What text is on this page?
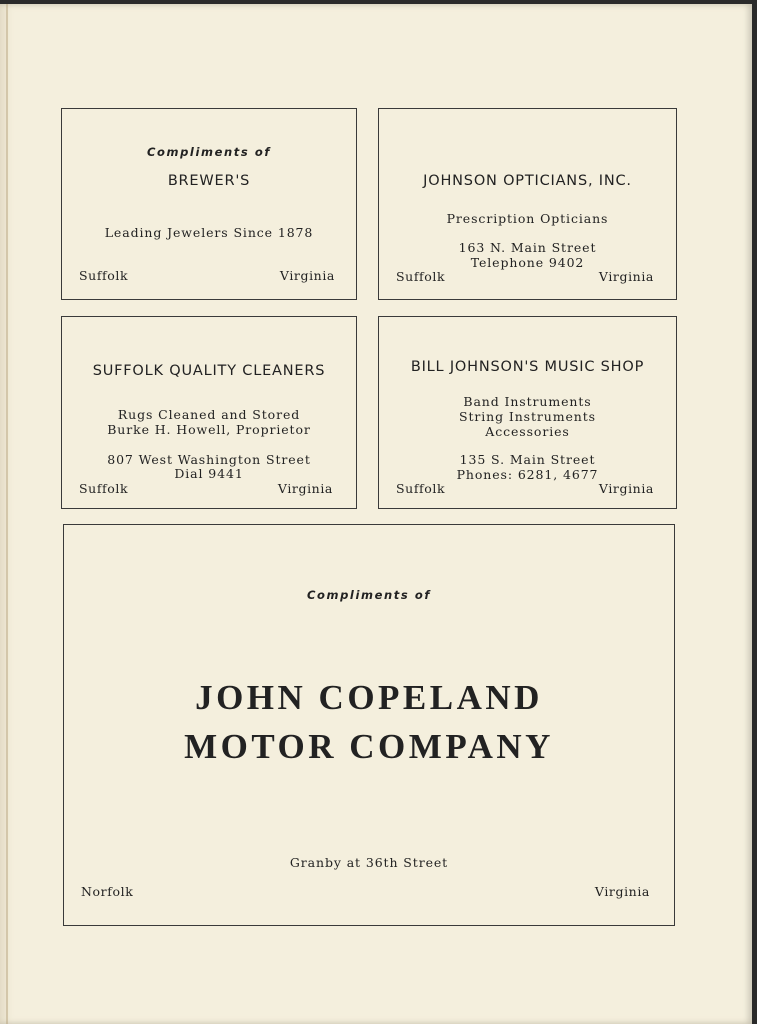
Compliments of
BREWER'S
Leading Jewelers Since 1878
Suffolk	Virginia
JOHNSON OPTICIANS, INC.
Prescription Opticians
163 N. Main Street
Telephone 9402
Suffolk	Virginia
SUFFOLK QUALITY CLEANERS
Rugs Cleaned and Stored
Burke H. Howell, Proprietor
807 West Washington Street
Dial 9441
Suffolk	Virginia
BILL JOHNSON'S MUSIC SHOP
Band Instruments
String Instruments
Accessories
135 S. Main Street
Phones: 6281, 4677
Suffolk	Virginia
Compliments of
JOHN COPELAND
MOTOR COMPANY
Granby at 36th Street
Norfolk	Virginia
